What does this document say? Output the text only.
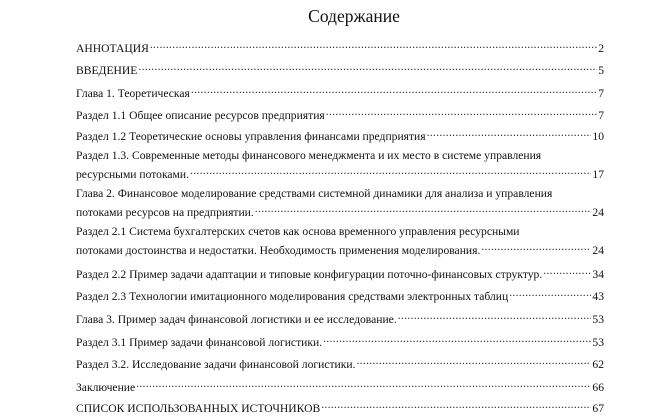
Содержание
АННОТАЦИЯ .....	2
ВВЕДЕНИЕ .....	5
Глава 1. Теоретическая .....	7
Раздел 1.1 Общее описание ресурсов предприятия .....	7
Раздел 1.2 Теоретические основы управления финансами предприятия .....	10
Раздел 1.3. Современные методы финансового менеджмента и их место в системе управления
ресурсными потоками. .....	17
Глава 2. Финансовое моделирование средствами системной динамики для анализа и управления
потоками ресурсов на предприятии. .....	24
Раздел 2.1 Система бухгалтерских счетов как основа временного управления ресурсными
потоками достоинства и недостатки. Необходимость применения моделирования. .....	24
Раздел 2.2 Пример задачи адаптации и типовые конфигурации поточно-финансовых структур. .....	34
Раздел 2.3 Технологии имитационного моделирования средствами электронных таблиц .....	43
Глава 3. Пример задач финансовой логистики и ее исследование. .....	53
Раздел 3.1 Пример задачи финансовой логистики. .....	53
Раздел 3.2. Исследование задачи финансовой логистики. .....	62
Заключение .....	66
СПИСОК ИСПОЛЬЗОВАННЫХ ИСТОЧНИКОВ .....	67
